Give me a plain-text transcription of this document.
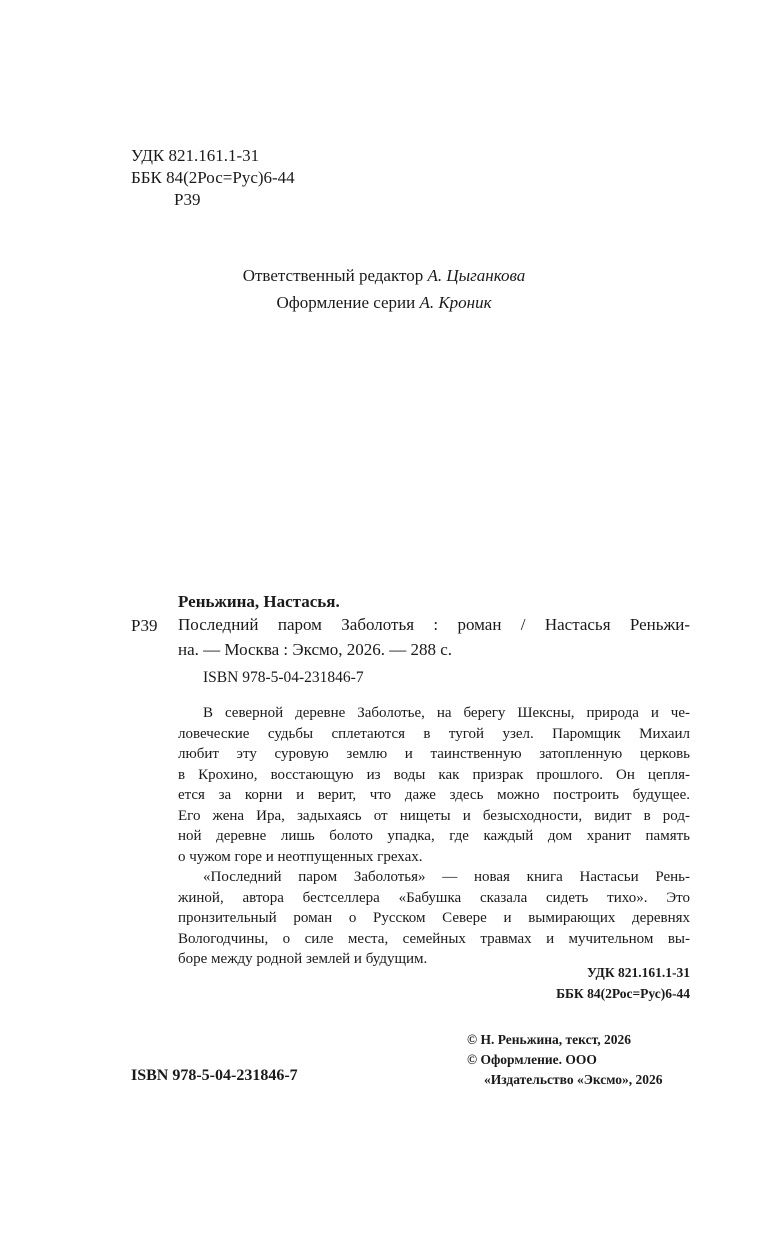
УДК 821.161.1-31
ББК 84(2Рос=Рус)6-44
Р39
Ответственный редактор А. Цыганкова
Оформление серии А. Кроник
Реньжина, Настасья.
Р39 Последний паром Заболотья : роман / Настасья Реньжи-
на. — Москва : Эксмо, 2026. — 288 с.
ISBN 978-5-04-231846-7
В северной деревне Заболотье, на берегу Шексны, природа и че-
ловеческие судьбы сплетаются в тугой узел. Паромщик Михаил
любит эту суровую землю и таинственную затопленную церковь
в Крохино, восстающую из воды как призрак прошлого. Он цепля-
ется за корни и верит, что даже здесь можно построить будущее.
Его жена Ира, задыхаясь от нищеты и безысходности, видит в род-
ной деревне лишь болото упадка, где каждый дом хранит память
о чужом горе и неотпущенных грехах.
«Последний паром Заболотья» — новая книга Настасьи Рень-
жиной, автора бестселлера «Бабушка сказала сидеть тихо». Это
пронзительный роман о Русском Севере и вымирающих деревнях
Вологодчины, о силе места, семейных травмах и мучительном вы-
боре между родной землей и будущим.
УДК 821.161.1-31
ББК 84(2Рос=Рус)6-44
© Н. Реньжина, текст, 2026
© Оформление. ООО
«Издательство «Эксмо», 2026
ISBN 978-5-04-231846-7
